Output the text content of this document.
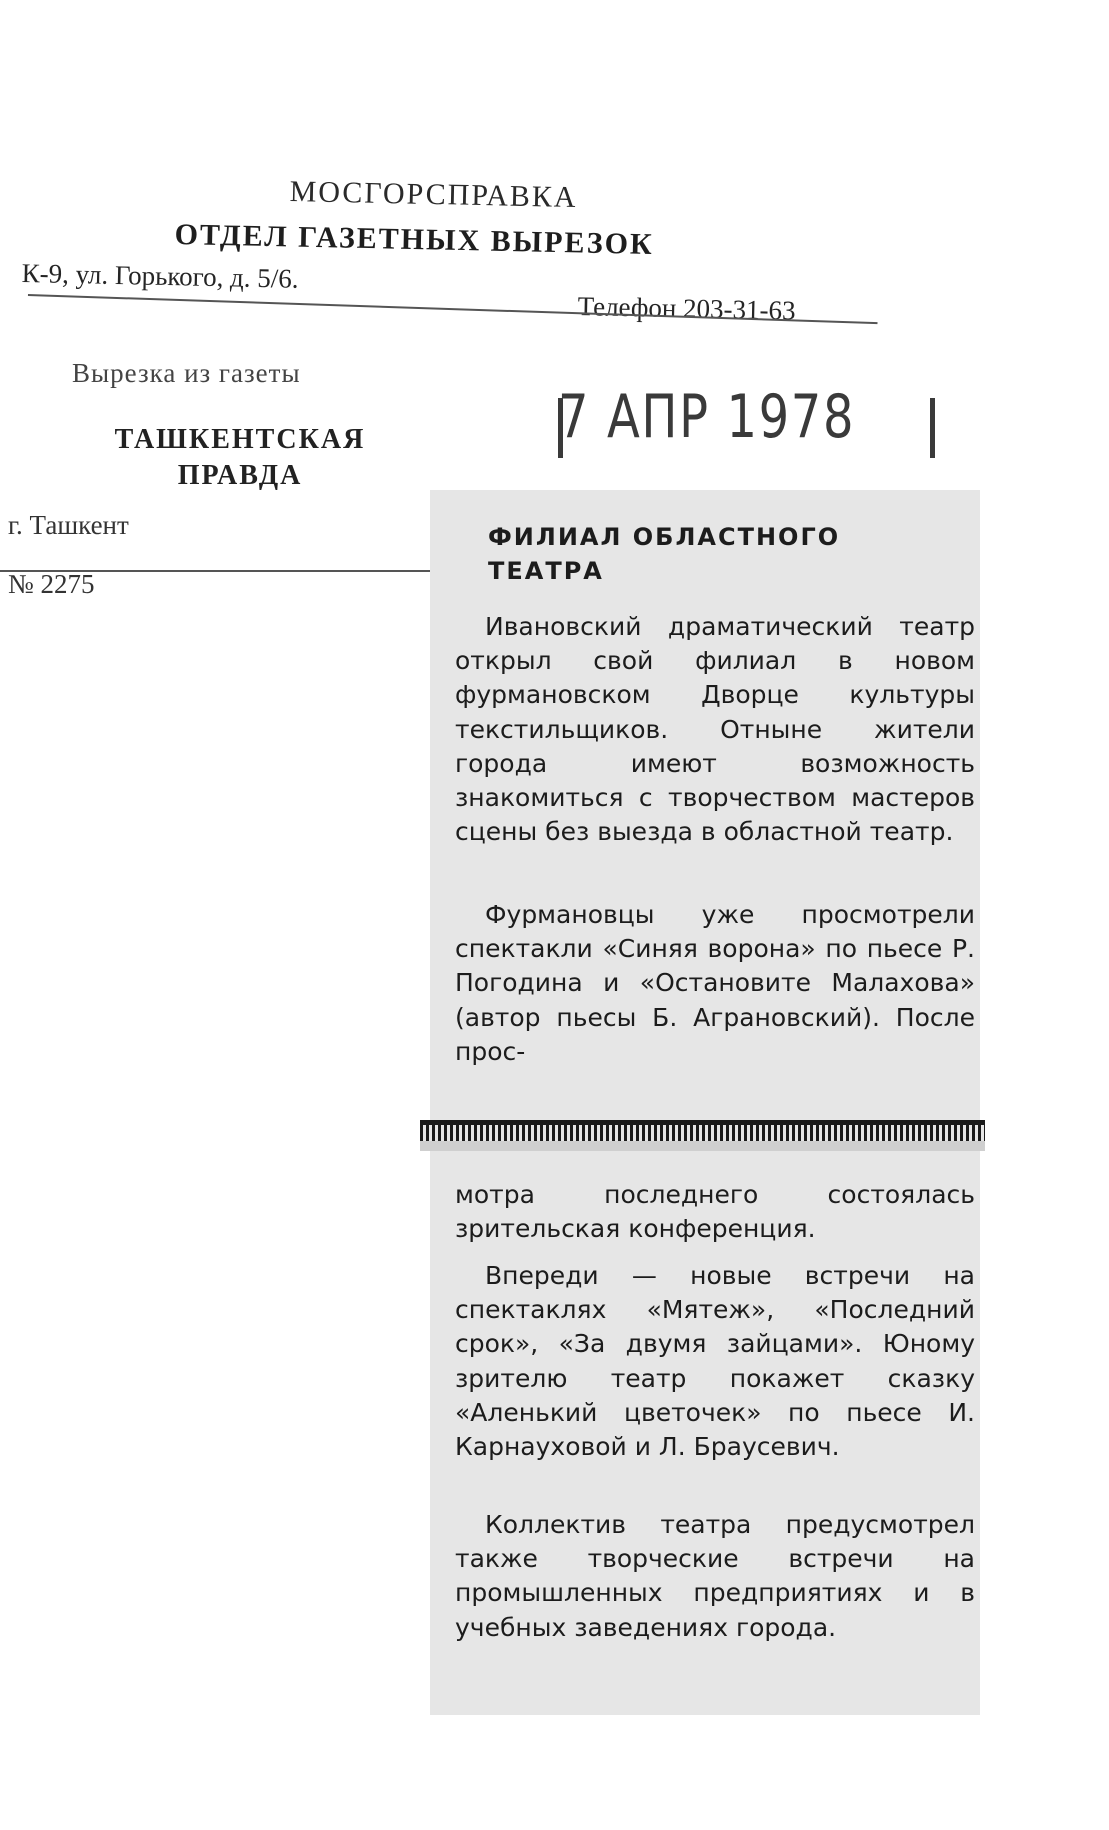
МОСГОРСПРАВКА
ОТДЕЛ ГАЗЕТНЫХ ВЫРЕЗОК
К-9, ул. Горького, д. 5/6.
Телефон 203-31-63
Вырезка из газеты
ТАШКЕНТСКАЯ
ПРАВДА
г. Ташкент
№ 2275
7 АПР 1978
ФИЛИАЛ ОБЛАСТНОГО
ТЕАТРА

Ивановский драматический театр открыл свой филиал в новом фурмановском Дворце культуры текстильщиков. Отныне жители города имеют возможность знакомиться с творчеством мастеров сцены без выезда в областной театр.

Фурмановцы уже просмотрели спектакли «Синяя ворона» по пьесе Р. Погодина и «Остановите Малахова» (автор пьесы Б. Аграновский). После прос-

мотра последнего состоялась зрительская конференция.

Впереди — новые встречи на спектаклях «Мятеж», «Последний срок», «За двумя зайцами». Юному зрителю театр покажет сказку «Аленький цветочек» по пьесе И. Карнауховой и Л. Браусевич.

Коллектив театра предусмотрел также творческие встречи на промышленных предприятиях и в учебных заведениях города.
